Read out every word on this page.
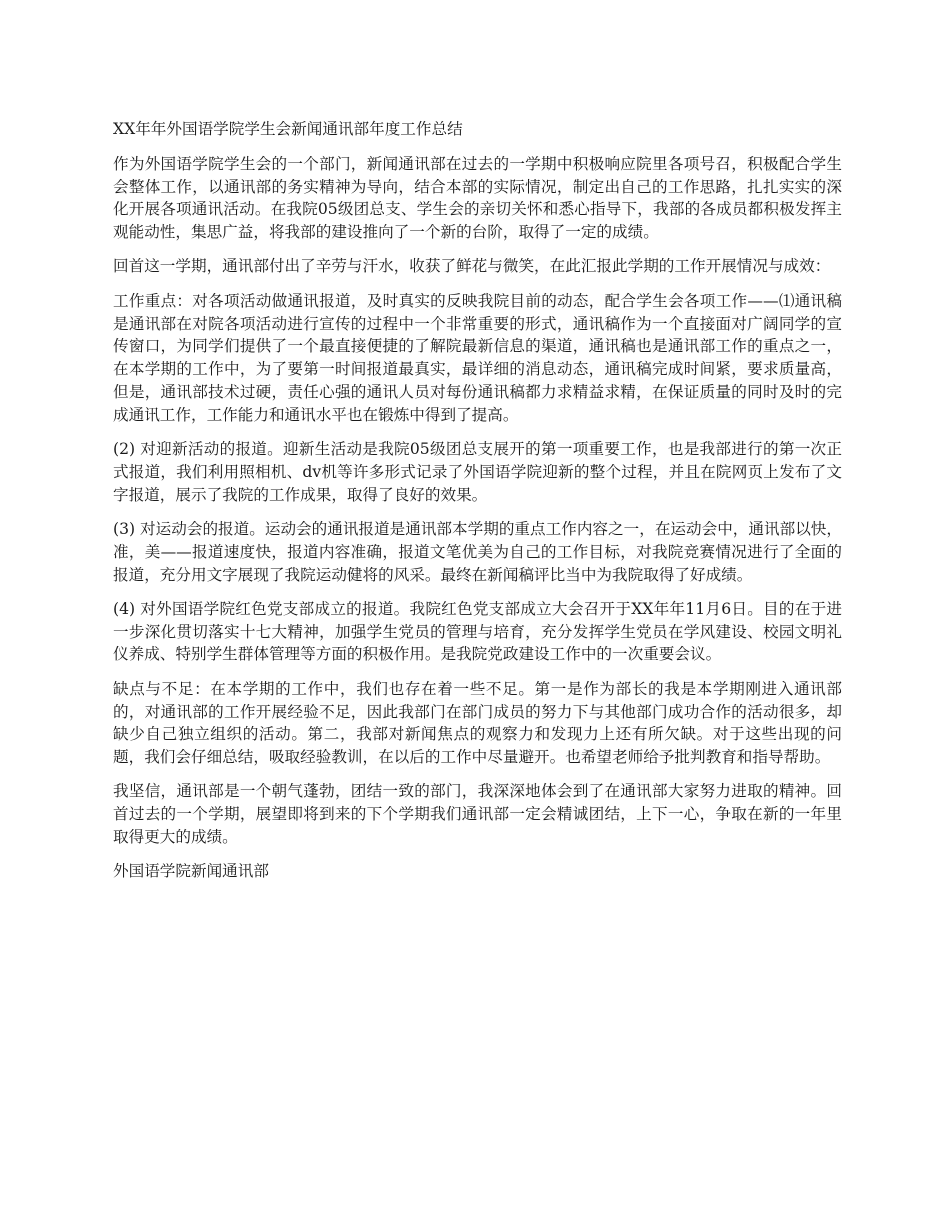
XX年年外国语学院学生会新闻通讯部年度工作总结
作为外国语学院学生会的一个部门，新闻通讯部在过去的一学期中积极响应院里各项号召，积极配合学生会整体工作，以通讯部的务实精神为导向，结合本部的实际情况，制定出自己的工作思路，扎扎实实的深化开展各项通讯活动。在我院05级团总支、学生会的亲切关怀和悉心指导下，我部的各成员都积极发挥主观能动性，集思广益，将我部的建设推向了一个新的台阶，取得了一定的成绩。
回首这一学期，通讯部付出了辛劳与汗水，收获了鲜花与微笑，在此汇报此学期的工作开展情况与成效：
工作重点：对各项活动做通讯报道，及时真实的反映我院目前的动态，配合学生会各项工作——⑴通讯稿是通讯部在对院各项活动进行宣传的过程中一个非常重要的形式，通讯稿作为一个直接面对广阔同学的宣传窗口，为同学们提供了一个最直接便捷的了解院最新信息的渠道，通讯稿也是通讯部工作的重点之一，在本学期的工作中，为了要第一时间报道最真实，最详细的消息动态，通讯稿完成时间紧，要求质量高，但是，通讯部技术过硬，责任心强的通讯人员对每份通讯稿都力求精益求精，在保证质量的同时及时的完成通讯工作，工作能力和通讯水平也在锻炼中得到了提高。
(2) 对迎新活动的报道。迎新生活动是我院05级团总支展开的第一项重要工作，也是我部进行的第一次正式报道，我们利用照相机、dv机等许多形式记录了外国语学院迎新的整个过程，并且在院网页上发布了文字报道，展示了我院的工作成果，取得了良好的效果。
(3) 对运动会的报道。运动会的通讯报道是通讯部本学期的重点工作内容之一，在运动会中，通讯部以快，准，美——报道速度快，报道内容准确，报道文笔优美为自己的工作目标，对我院竞赛情况进行了全面的报道，充分用文字展现了我院运动健将的风采。最终在新闻稿评比当中为我院取得了好成绩。
(4) 对外国语学院红色党支部成立的报道。我院红色党支部成立大会召开于XX年年11月6日。目的在于进一步深化贯切落实十七大精神，加强学生党员的管理与培育，充分发挥学生党员在学风建设、校园文明礼仪养成、特别学生群体管理等方面的积极作用。是我院党政建设工作中的一次重要会议。
缺点与不足：在本学期的工作中，我们也存在着一些不足。第一是作为部长的我是本学期刚进入通讯部的，对通讯部的工作开展经验不足，因此我部门在部门成员的努力下与其他部门成功合作的活动很多，却缺少自己独立组织的活动。第二，我部对新闻焦点的观察力和发现力上还有所欠缺。对于这些出现的问题，我们会仔细总结，吸取经验教训，在以后的工作中尽量避开。也希望老师给予批判教育和指导帮助。
我坚信，通讯部是一个朝气蓬勃，团结一致的部门，我深深地体会到了在通讯部大家努力进取的精神。回首过去的一个学期，展望即将到来的下个学期我们通讯部一定会精诚团结，上下一心，争取在新的一年里取得更大的成绩。
外国语学院新闻通讯部
